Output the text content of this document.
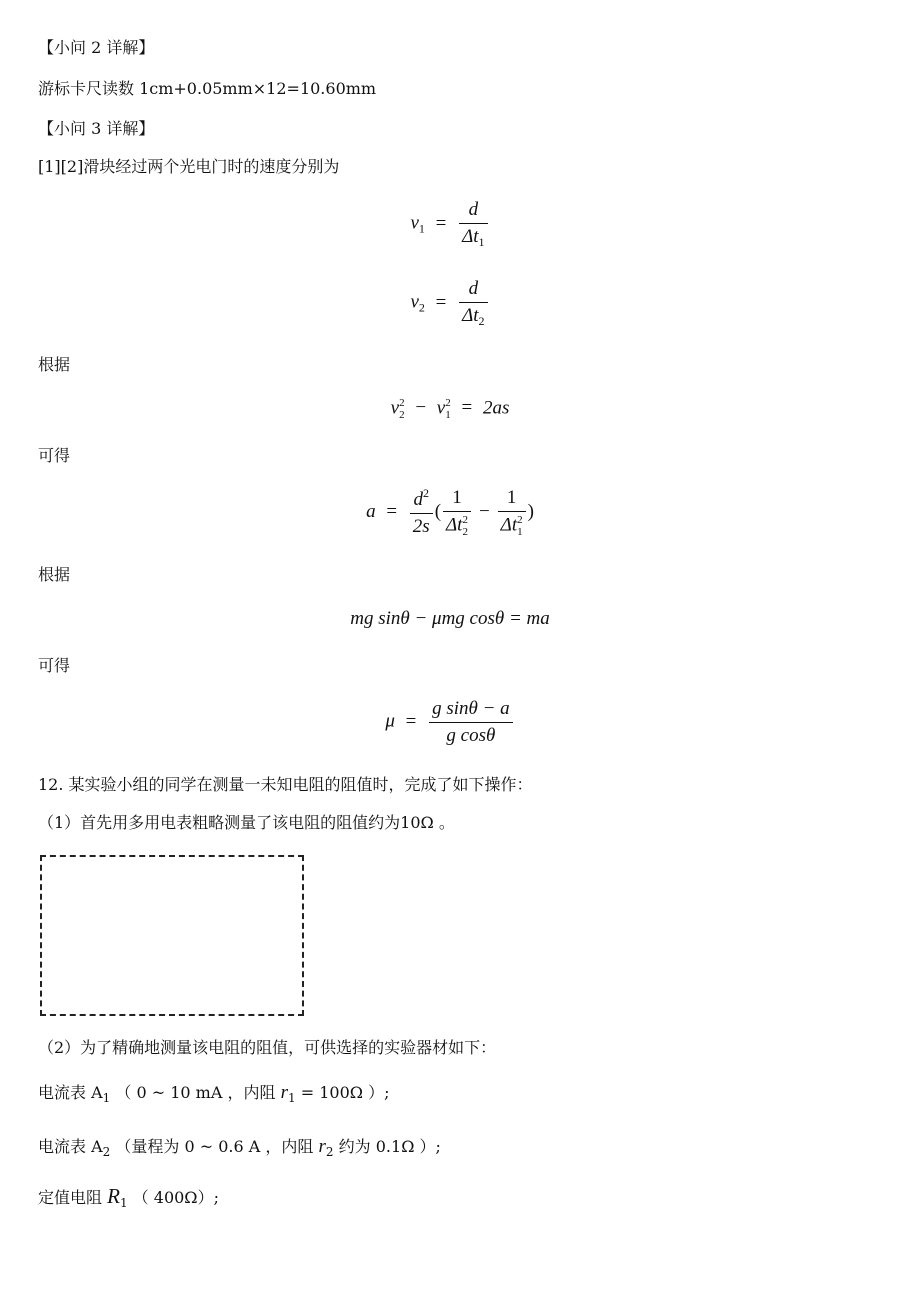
【小问 2 详解】
游标卡尺读数 1cm+0.05mm×12=10.60mm
【小问 3 详解】
[1][2]滑块经过两个光电门时的速度分别为
$v_1 = \frac{d}{\Delta t_1}$
$v_2 = \frac{d}{\Delta t_2}$
根据
v 2
2 − v 2
1 = 2as
可得
$a = \frac{d^2}{2s}$ ( 1
Δt 2
2 − 1
Δt 2
1 )
根据
mg sinθ − μmg cosθ = ma
可得
$\mu = \frac{\text{g sinθ − a}}{\text{g cosθ}}$
12. 某实验小组的同学在测量一未知电阻的阻值时，完成了如下操作：
（1）首先用多用电表粗略测量了该电阻的阻值约为10Ω 。
（2）为了精确地测量该电阻的阻值，可供选择的实验器材如下：
电流表 $A_1$ （ 0 ~ 10 mA ，内阻 $r_1 = 100\Omega$ ）;
电流表 $A_2$ （量程为 0 ~ 0.6 A ，内阻 $r_2$ 约为 0.1Ω ）;
定值电阻 $R_1$ （ 400Ω）;
